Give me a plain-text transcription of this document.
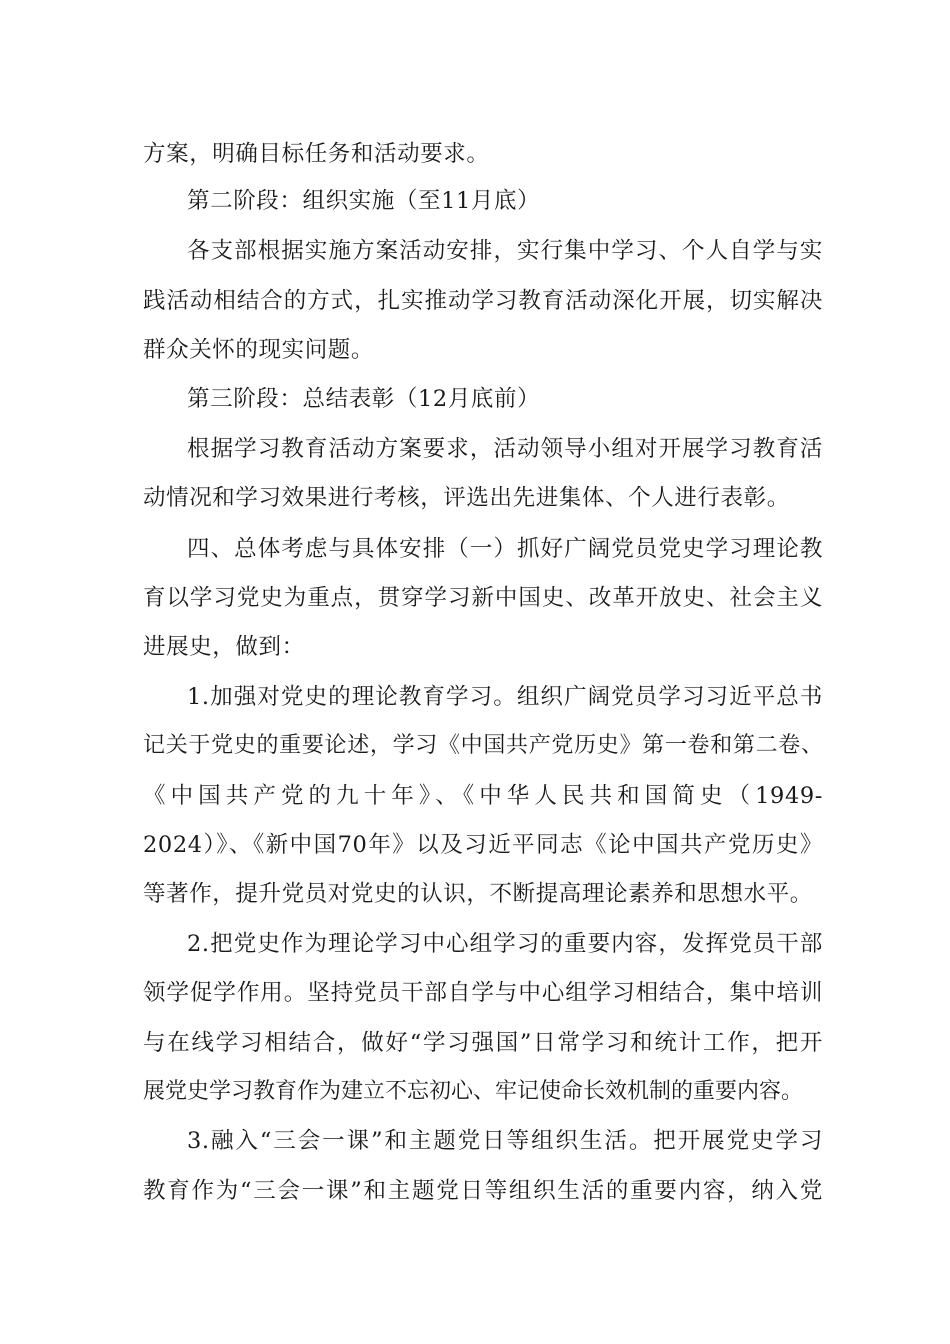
方案，明确目标任务和活动要求。
第二阶段：组织实施（至11月底）
各支部根据实施方案活动安排，实行集中学习、个人自学与实
践活动相结合的方式，扎实推动学习教育活动深化开展，切实解决
群众关怀的现实问题。
第三阶段：总结表彰（12月底前）
根据学习教育活动方案要求，活动领导小组对开展学习教育活
动情况和学习效果进行考核，评选出先进集体、个人进行表彰。
四、总体考虑与具体安排（一）抓好广阔党员党史学习理论教
育以学习党史为重点，贯穿学习新中国史、改革开放史、社会主义
进展史，做到：
1.加强对党史的理论教育学习。组织广阔党员学习习近平总书
记关于党史的重要论述，学习《中国共产党历史》第一卷和第二卷、
《中国共产党的九十年》、《中华人民共和国简史（1949-
2024）》、《新中国70年》以及习近平同志《论中国共产党历史》
等著作，提升党员对党史的认识，不断提高理论素养和思想水平。
2.把党史作为理论学习中心组学习的重要内容，发挥党员干部
领学促学作用。坚持党员干部自学与中心组学习相结合，集中培训
与在线学习相结合，做好“学习强国”日常学习和统计工作，把开
展党史学习教育作为建立不忘初心、牢记使命长效机制的重要内容。
3.融入“三会一课”和主题党日等组织生活。把开展党史学习
教育作为“三会一课”和主题党日等组织生活的重要内容，纳入党
